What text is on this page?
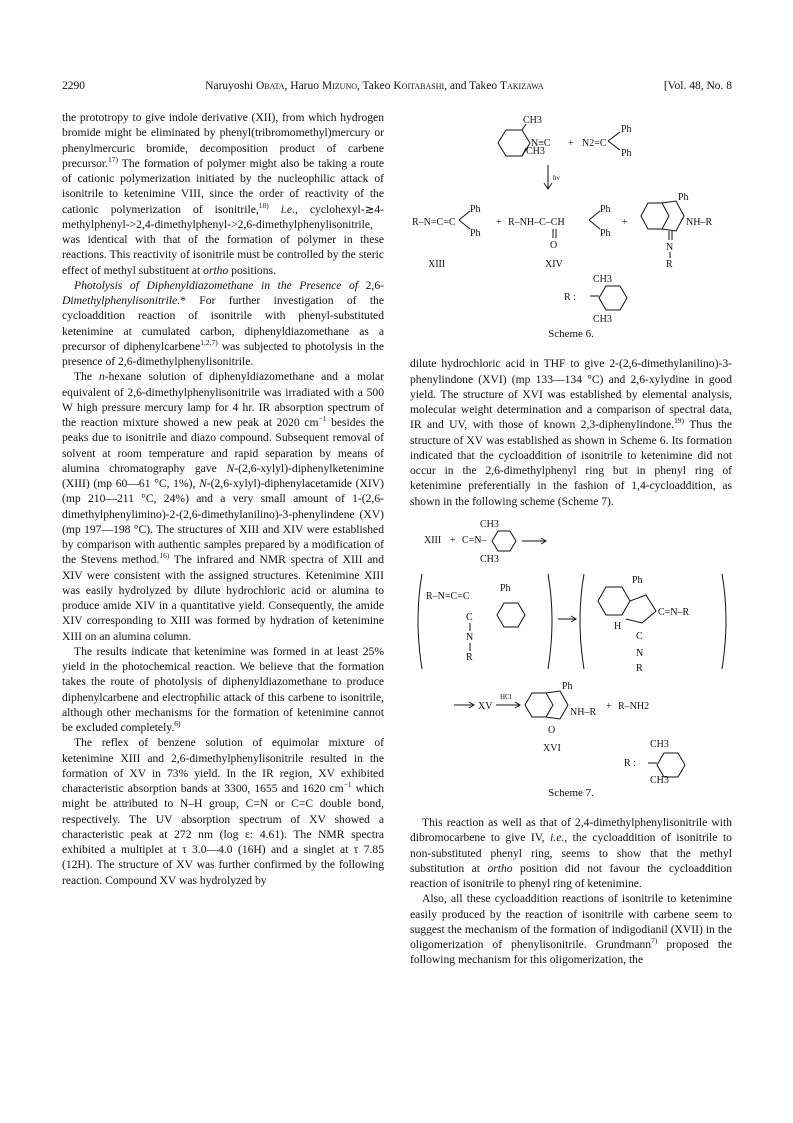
2290	Naruyoshi Obata, Haruo Mizuno, Takeo Koitabashi, and Takeo Takizawa	[Vol. 48, No. 8

the prototropy to give indole derivative (XII), from which hydrogen bromide might be eliminated by phenyl(tribromomethyl)mercury or phenylmercuric bromide, decomposition product of carbene precursor.$^{17)}$ The formation of polymer might also be taking a route of cationic polymerization initiated by the nucleophilic attack of isonitrile to ketenimine VIII, since the order of reactivity of the cationic polymerization of isonitrile,$^{18)}$ i.e., cyclohexyl-≳4-methylphenyl->2,4-dimethylphenyl->2,6-dimethylphenylisonitrile, was identical with that of the formation of polymer in these reactions. This reactivity of isonitrile must be controlled by the steric effect of methyl substituent at ortho positions.

Photolysis of Diphenyldiazomethane in the Presence of 2,6-Dimethylphenylisonitrile.* For further investigation of the cycloaddition reaction of isonitrile with phenyl-substituted ketenimine at cumulated carbon, diphenyldiazomethane as a precursor of diphenylcarbene$^{1,2,7)}$ was subjected to photolysis in the presence of 2,6-dimethylphenylisonitrile.

The n-hexane solution of diphenyldiazomethane and a molar equivalent of 2,6-dimethylphenylisonitrile was irradiated with a 500 W high pressure mercury lamp for 4 hr. IR absorption spectrum of the reaction mixture showed a new peak at 2020 $cm^{-1}$ besides the peaks due to isonitrile and diazo compound. Subsequent removal of solvent at room temperature and rapid separation by means of alumina chromatography gave N-(2,6-xylyl)-diphenylketenimine (XIII) (mp 60—61 °C, 1%), N-(2,6-xylyl)-diphenylacetamide (XIV) (mp 210—211 °C, 24%) and a very small amount of 1-(2,6-dimethylphenylimino)-2-(2,6-dimethylanilino)-3-phenylindene (XV) (mp 197—198 °C). The structures of XIII and XIV were established by comparison with authentic samples prepared by a modification of the Stevens method.$^{16)}$ The infrared and NMR spectra of XIII and XIV were consistent with the assigned structures. Ketenimine XIII was easily hydrolyzed by dilute hydrochloric acid or alumina to produce amide XIV in a quantitative yield. Consequently, the amide XIV corresponding to XIII was formed by hydration of ketenimine XIII on an alumina column.

The results indicate that ketenimine was formed in at least 25% yield in the photochemical reaction. We believe that the formation takes the route of photolysis of diphenyldiazomethane to produce diphenylcarbene and electrophilic attack of this carbene to isonitrile, although other mechanisms for the formation of ketenimine cannot be excluded completely.$^{6)}$

The reflex of benzene solution of equimolar mixture of ketenimine XIII and 2,6-dimethylphenylisonitrile resulted in the formation of XV in 73% yield. In the IR region, XV exhibited characteristic absorption bands at 3300, 1655 and 1620 $cm^{-1}$ which might be attributed to N–H group, C=N or C=C double bond, respectively. The UV absorption spectrum of XV showed a characteristic peak at 272 nm (log ε: 4.61). The NMR spectra exhibited a multiplet at τ 3.0—4.0 (16H) and a singlet at τ 7.85 (12H). The structure of XV was further confirmed by the following reaction. Compound XV was hydrolyzed by

CH3
CH3
N≡C + N2=C
Ph
Ph
hν
R–N=C=C
Ph
Ph
+ R–NH–C–CH
Ph
Ph
O
+
Ph
NH–R
N
R
XIII	XIV
R :
CH3
CH3
Scheme 6.

dilute hydrochloric acid in THF to give 2-(2,6-dimethylanilino)-3-phenylindone (XVI) (mp 133—134 °C) and 2,6-xylydine in good yield. The structure of XVI was established by elemental analysis, molecular weight determination and a comparison of spectral data, IR and UV, with those of known 2,3-diphenylindone.$^{19)}$ Thus the structure of XV was established as shown in Scheme 6. Its formation indicated that the cycloaddition of isonitrile to ketenimine did not occur in the 2,6-dimethylphenyl ring but in phenyl ring of ketenimine preferentially in the fashion of 1,4-cycloaddition, as shown in the following scheme (Scheme 7).

XIII + C=N–
CH3
CH3
R–N=C=C
Ph
C
N
R
Ph
C=N–R
H
C
N
R
XV
HCl
Ph
NH–R
O
+ R–NH2
XVI
R :
CH3
CH3
Scheme 7.

This reaction as well as that of 2,4-dimethylphenylisonitrile with dibromocarbene to give IV, i.e., the cycloaddition of isonitrile to non-substituted phenyl ring, seems to show that the methyl substitution at ortho position did not favour the cycloaddition reaction of isonitrile to phenyl ring of ketenimine.

Also, all these cycloaddition reactions of isonitrile to ketenimine easily produced by the reaction of isonitrile with carbene seem to suggest the mechanism of the formation of indigodianil (XVII) in the oligomerization of phenylisonitrile. Grundmann$^{7)}$ proposed the following mechanism for this oligomerization, the
